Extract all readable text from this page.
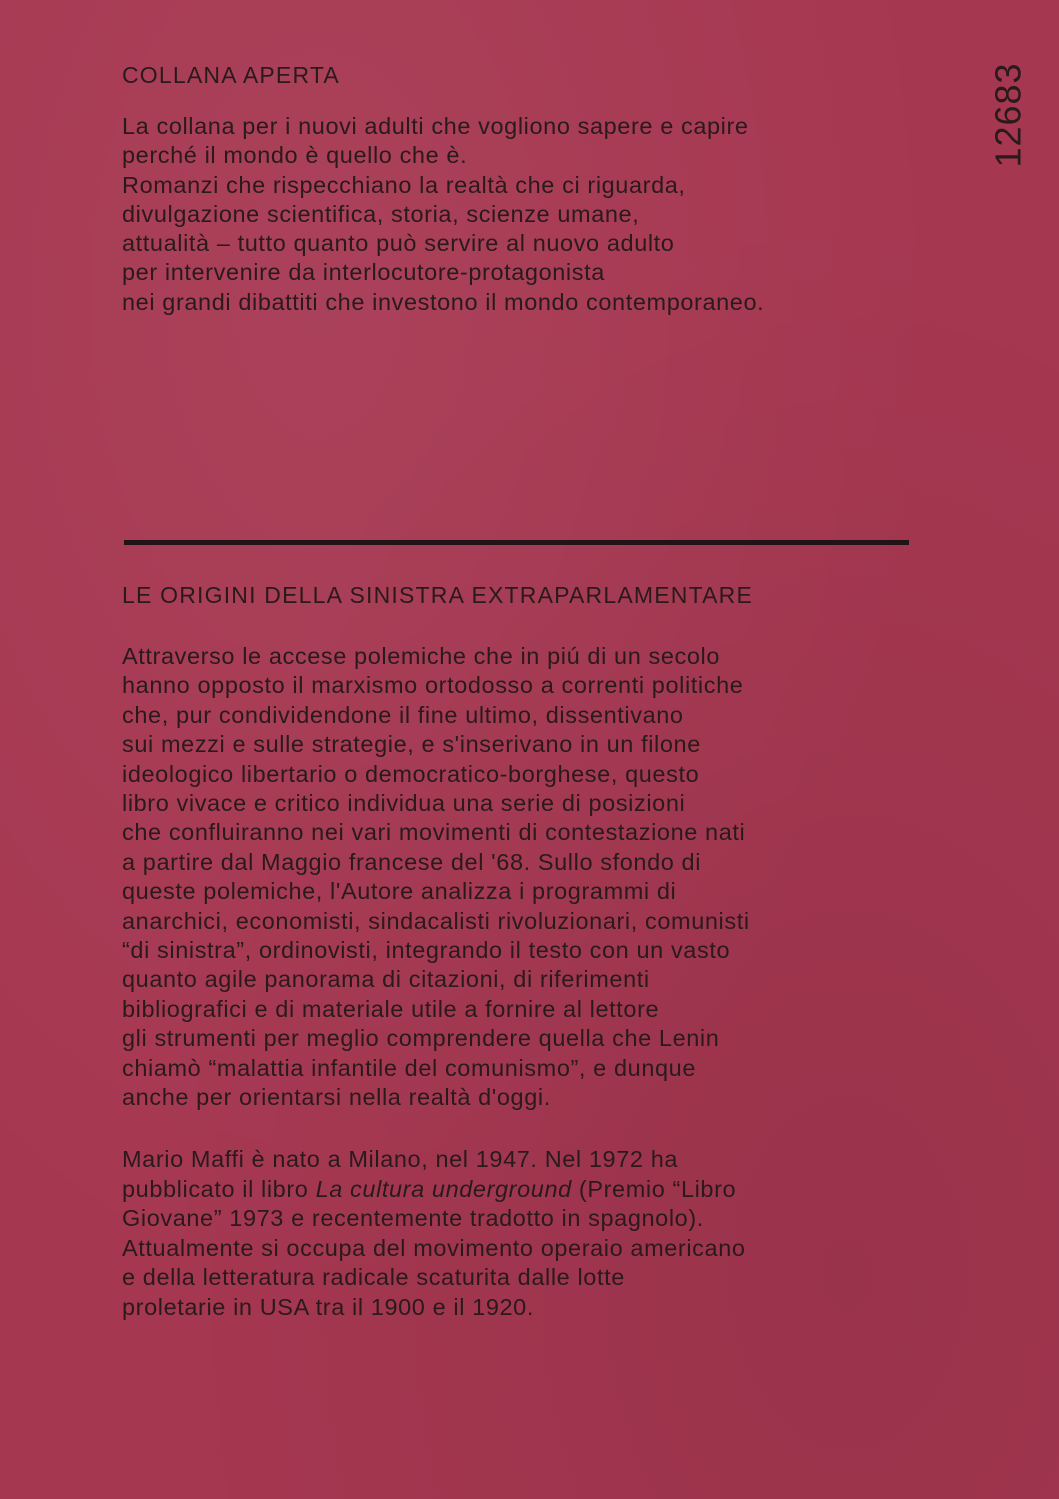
12683
COLLANA APERTA
La collana per i nuovi adulti che vogliono sapere e capire
perché il mondo è quello che è.
Romanzi che rispecchiano la realtà che ci riguarda,
divulgazione scientifica, storia, scienze umane,
attualità – tutto quanto può servire al nuovo adulto
per intervenire da interlocutore-protagonista
nei grandi dibattiti che investono il mondo contemporaneo.
LE ORIGINI DELLA SINISTRA EXTRAPARLAMENTARE
Attraverso le accese polemiche che in piú di un secolo
hanno opposto il marxismo ortodosso a correnti politiche
che, pur condividendone il fine ultimo, dissentivano
sui mezzi e sulle strategie, e s'inserivano in un filone
ideologico libertario o democratico-borghese, questo
libro vivace e critico individua una serie di posizioni
che confluiranno nei vari movimenti di contestazione nati
a partire dal Maggio francese del '68. Sullo sfondo di
queste polemiche, l'Autore analizza i programmi di
anarchici, economisti, sindacalisti rivoluzionari, comunisti
“di sinistra”, ordinovisti, integrando il testo con un vasto
quanto agile panorama di citazioni, di riferimenti
bibliografici e di materiale utile a fornire al lettore
gli strumenti per meglio comprendere quella che Lenin
chiamò “malattia infantile del comunismo”, e dunque
anche per orientarsi nella realtà d'oggi.
Mario Maffi è nato a Milano, nel 1947. Nel 1972 ha
pubblicato il libro La cultura underground (Premio “Libro
Giovane” 1973 e recentemente tradotto in spagnolo).
Attualmente si occupa del movimento operaio americano
e della letteratura radicale scaturita dalle lotte
proletarie in USA tra il 1900 e il 1920.
